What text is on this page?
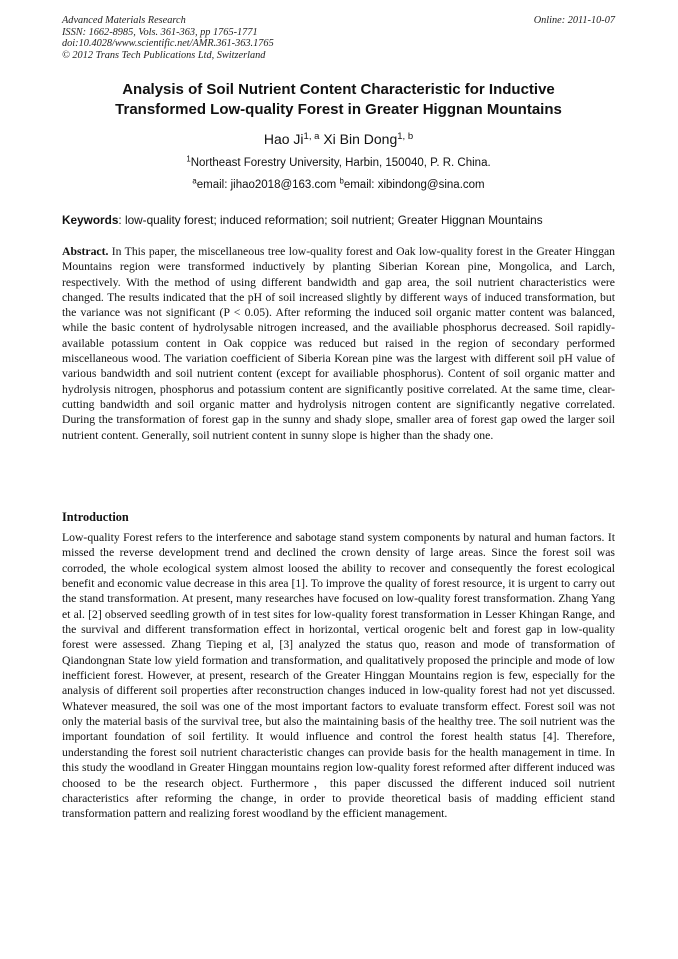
Advanced Materials Research
ISSN: 1662-8985, Vols. 361-363, pp 1765-1771
doi:10.4028/www.scientific.net/AMR.361-363.1765
© 2012 Trans Tech Publications Ltd, Switzerland
Online: 2011-10-07
Analysis of Soil Nutrient Content Characteristic for Inductive
Transformed Low-quality Forest in Greater Higgnan Mountains
Hao Ji$^{1, a}$ Xi Bin Dong$^{1, b}$
$^1$Northeast Forestry University, Harbin, 150040, P. R. China.
$^a$email: jihao2018@163.com $^b$email: xibindong@sina.com
Keywords: low-quality forest; induced reformation; soil nutrient; Greater Higgnan Mountains

Abstract. In This paper, the miscellaneous tree low-quality forest and Oak low-quality forest in the Greater Hinggan Mountains region were transformed inductively by planting Siberian Korean pine, Mongolica, and Larch, respectively. With the method of using different bandwidth and gap area, the soil nutrient characteristics were changed. The results indicated that the pH of soil increased slightly by different ways of induced transformation, but the variance was not significant (P < 0.05). After reforming the induced soil organic matter content was balanced, while the basic content of hydrolysable nitrogen increased, and the availiable phosphorus decreased. Soil rapidly-available potassium content in Oak coppice was reduced but raised in the region of secondary performed miscellaneous wood. The variation coefficient of Siberia Korean pine was the largest with different soil pH value of various bandwidth and soil nutrient content (except for availiable phosphorus). Content of soil organic matter and hydrolysis nitrogen, phosphorus and potassium content are significantly positive correlated. At the same time, clear-cutting bandwidth and soil organic matter and hydrolysis nitrogen content are significantly negative correlated. During the transformation of forest gap in the sunny and shady slope, smaller area of forest gap owed the larger soil nutrient content. Generally, soil nutrient content in sunny slope is higher than the shady one.

Introduction

Low-quality Forest refers to the interference and sabotage stand system components by natural and human factors. It missed the reverse development trend and declined the crown density of large areas. Since the forest soil was corroded, the whole ecological system almost loosed the ability to recover and consequently the forest ecological benefit and economic value decrease in this area [1]. To improve the quality of forest resource, it is urgent to carry out the stand transformation. At present, many researches have focused on low-quality forest transformation. Zhang Yang et al. [2] observed seedling growth of in test sites for low-quality forest transformation in Lesser Khingan Range, and the survival and different transformation effect in horizontal, vertical orogenic belt and forest gap in low-quality forest were assessed. Zhang Tieping et al, [3] analyzed the status quo, reason and mode of transformation of Qiandongnan State low yield formation and transformation, and qualitatively proposed the principle and mode of low inefficient forest. However, at present, research of the Greater Hinggan Mountains region is few, especially for the analysis of different soil properties after reconstruction changes induced in low-quality forest had not yet discussed. Whatever measured, the soil was one of the most important factors to evaluate transform effect. Forest soil was not only the material basis of the survival tree, but also the maintaining basis of the healthy tree. The soil nutrient was the important foundation of soil fertility. It would influence and control the forest health status [4]. Therefore, understanding the forest soil nutrient characteristic changes can provide basis for the health management in time. In this study the woodland in Greater Hinggan mountains region low-quality forest reformed after different induced was choosed to be the research object. Furthermore，this paper discussed the different induced soil nutrient characteristics after reforming the change, in order to provide theoretical basis of madding efficient stand transformation pattern and realizing forest woodland by the efficient management.
